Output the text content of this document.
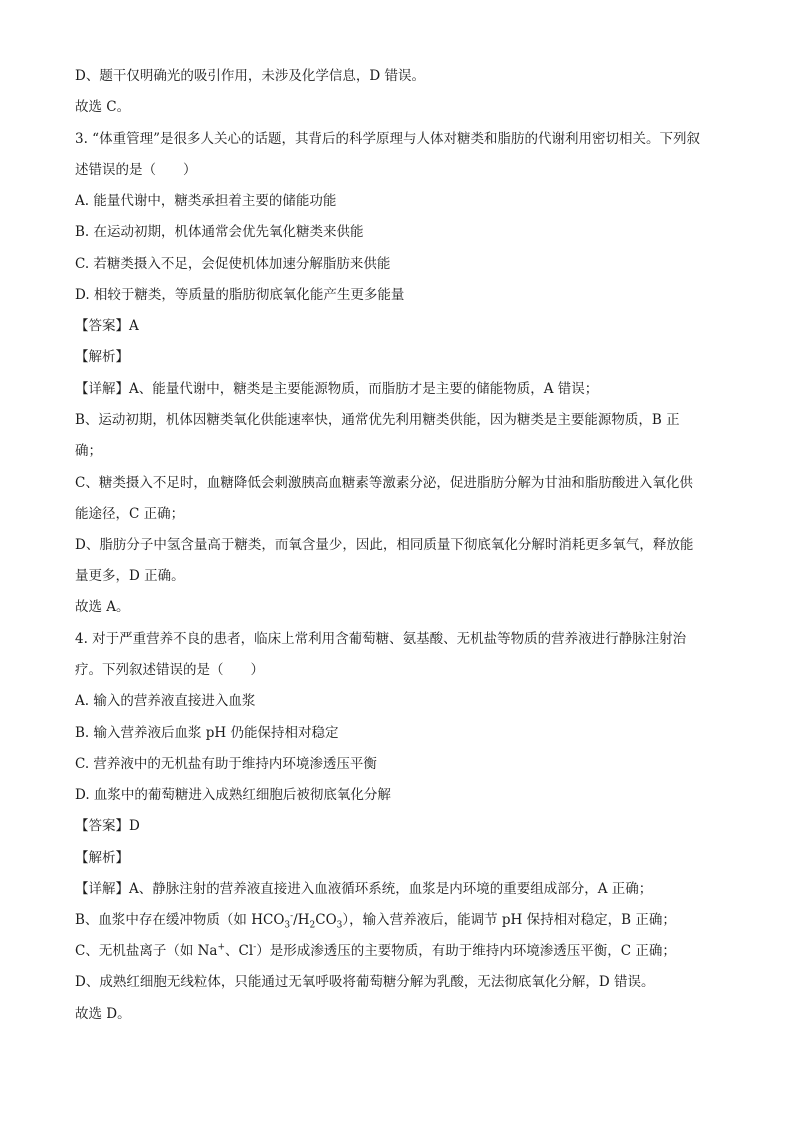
D、题干仅明确光的吸引作用，未涉及化学信息，D 错误。
故选 C。
3. “体重管理”是很多人关心的话题，其背后的科学原理与人体对糖类和脂肪的代谢利用密切相关。下列叙
述错误的是（　　）
A. 能量代谢中，糖类承担着主要的储能功能
B. 在运动初期，机体通常会优先氧化糖类来供能
C. 若糖类摄入不足，会促使机体加速分解脂肪来供能
D. 相较于糖类，等质量的脂肪彻底氧化能产生更多能量
【答案】A
【解析】
【详解】A、能量代谢中，糖类是主要能源物质，而脂肪才是主要的储能物质，A 错误；
B、运动初期，机体因糖类氧化供能速率快，通常优先利用糖类供能，因为糖类是主要能源物质，B 正
确；
C、糖类摄入不足时，血糖降低会刺激胰高血糖素等激素分泌，促进脂肪分解为甘油和脂肪酸进入氧化供
能途径，C 正确；
D、脂肪分子中氢含量高于糖类，而氧含量少，因此，相同质量下彻底氧化分解时消耗更多氧气，释放能
量更多，D 正确。
故选 A。
4. 对于严重营养不良的患者，临床上常利用含葡萄糖、氨基酸、无机盐等物质的营养液进行静脉注射治
疗。下列叙述错误的是（　　）
A. 输入的营养液直接进入血浆
B. 输入营养液后血浆 pH 仍能保持相对稳定
C. 营养液中的无机盐有助于维持内环境渗透压平衡
D. 血浆中的葡萄糖进入成熟红细胞后被彻底氧化分解
【答案】D
【解析】
【详解】A、静脉注射的营养液直接进入血液循环系统，血浆是内环境的重要组成部分，A 正确；
B、血浆中存在缓冲物质（如 $HCO_3^-/H_2CO_3$），输入营养液后，能调节 pH 保持相对稳定，B 正确；
C、无机盐离子（如 Na+、Cl-）是形成渗透压的主要物质，有助于维持内环境渗透压平衡，C 正确；
D、成熟红细胞无线粒体，只能通过无氧呼吸将葡萄糖分解为乳酸，无法彻底氧化分解，D 错误。
故选 D。
